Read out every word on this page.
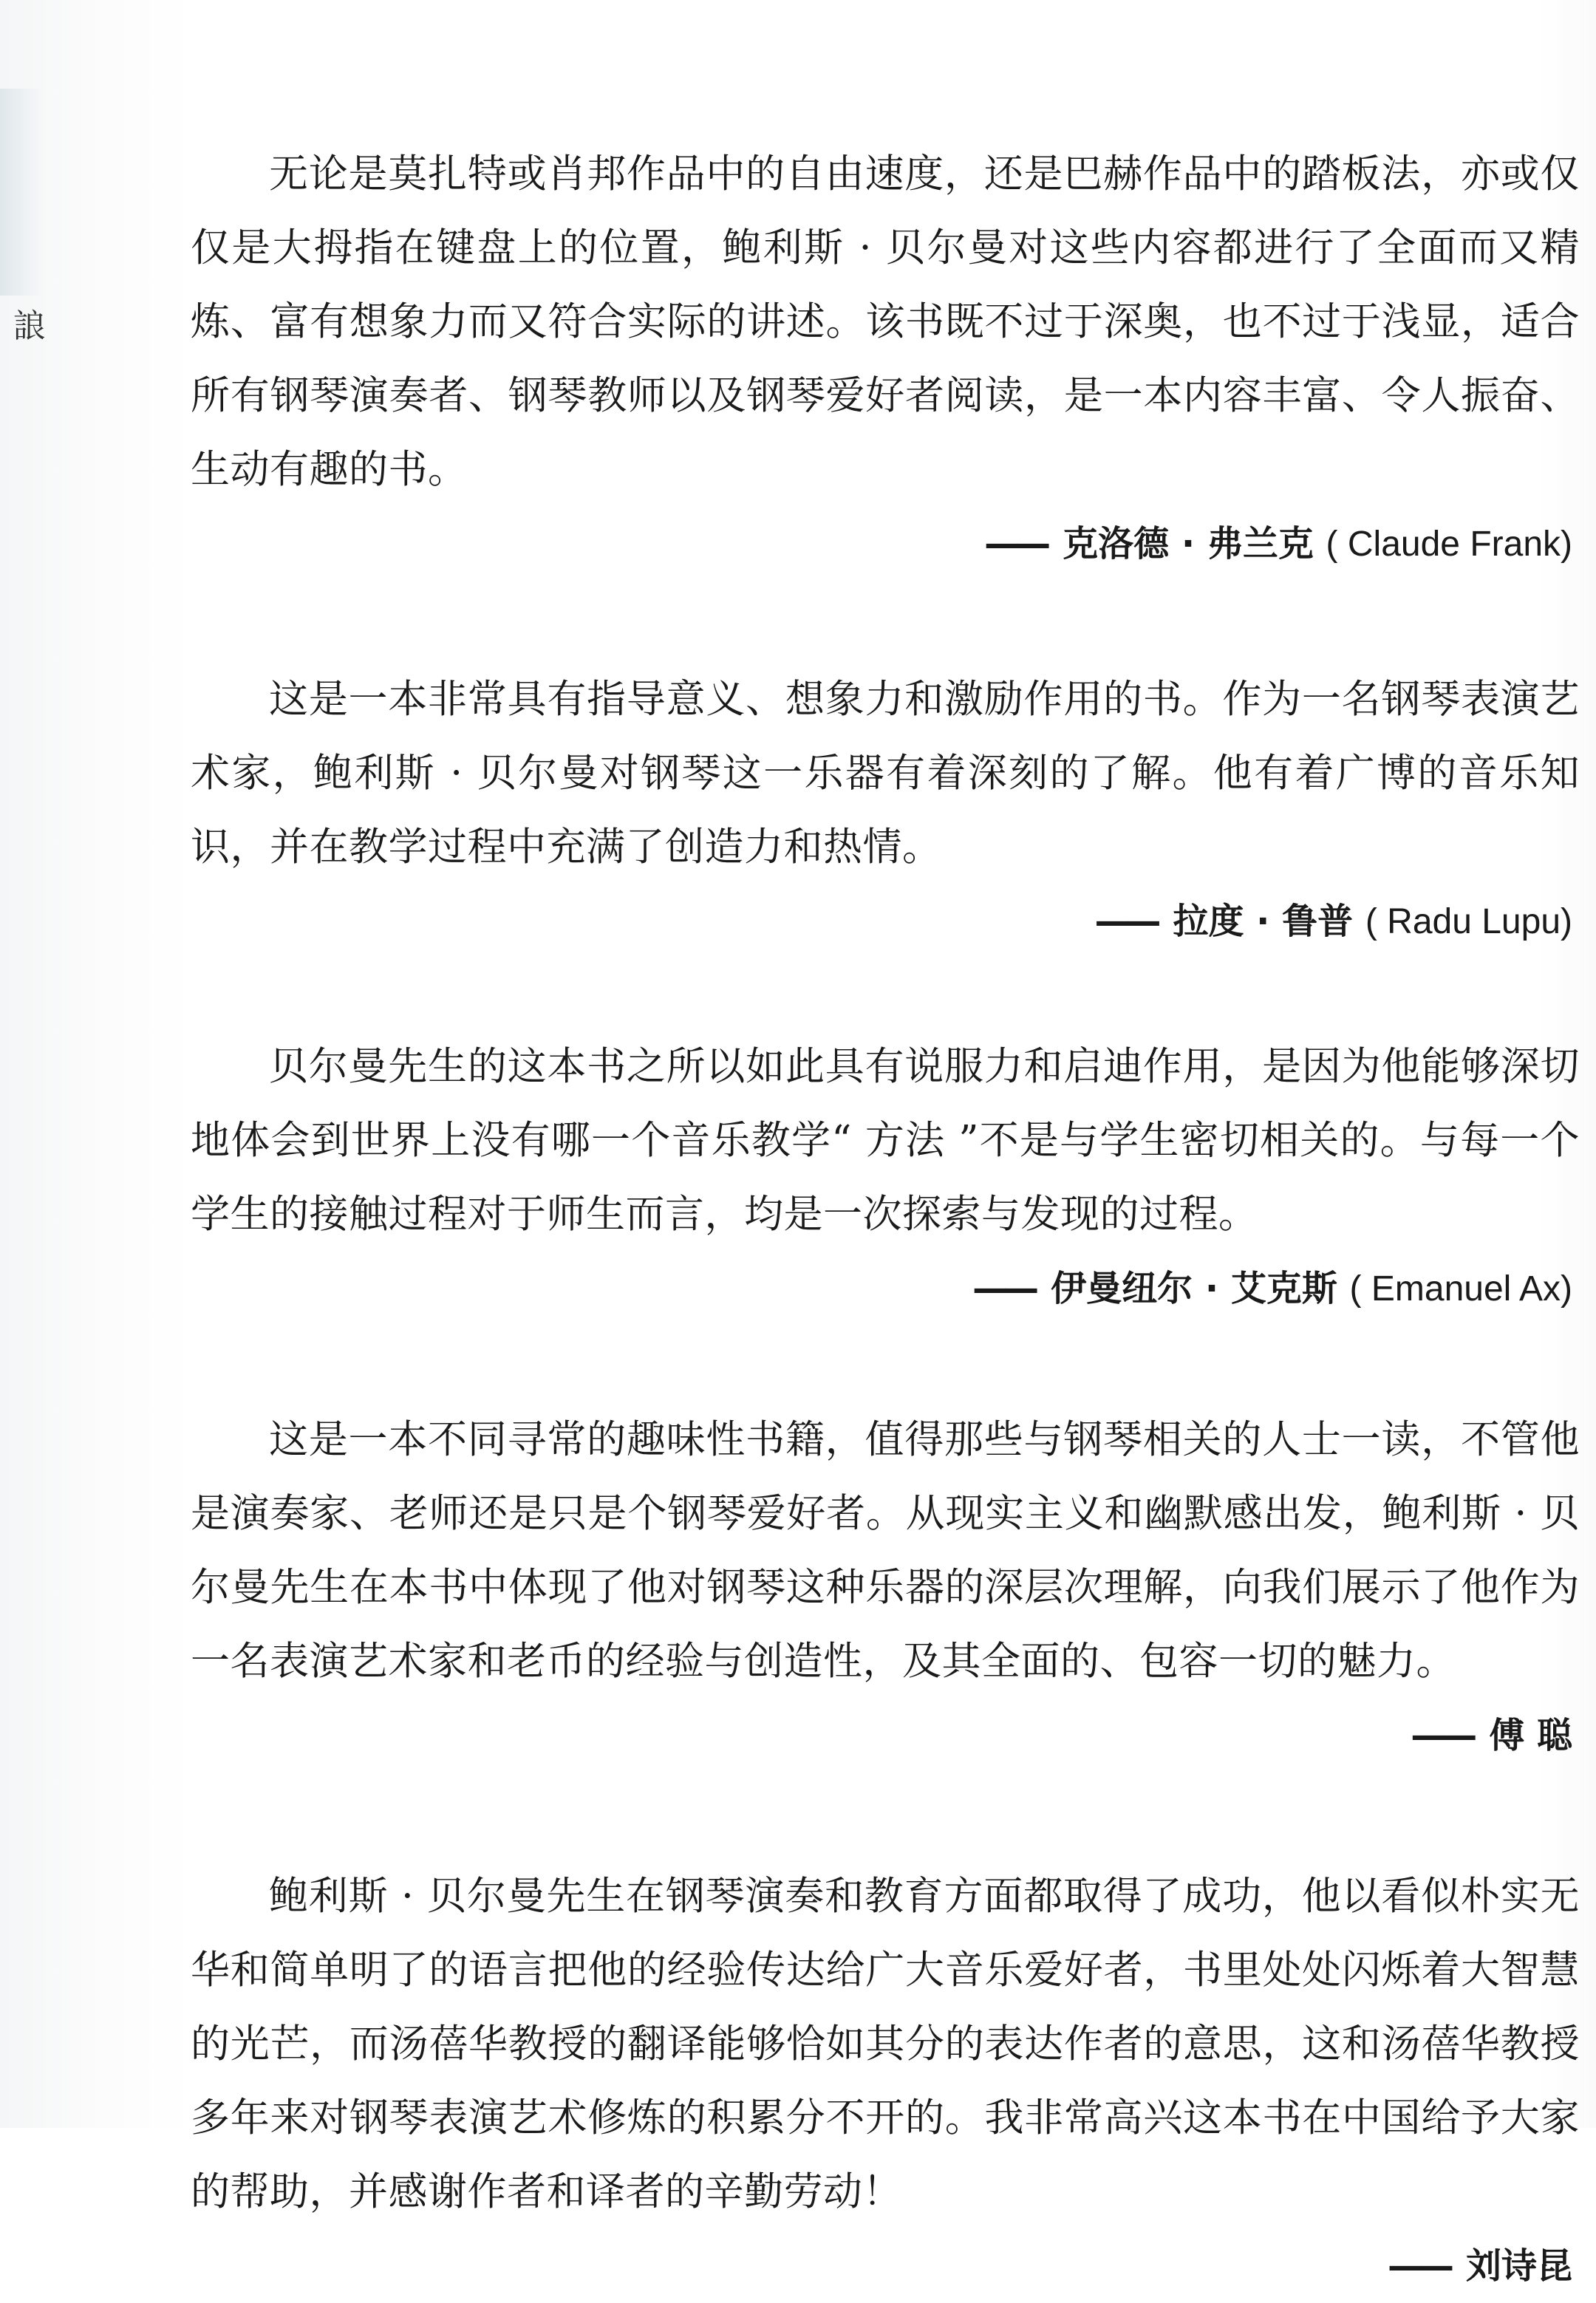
誏

无论是莫扎特或肖邦作品中的自由速度，还是巴赫作品中的踏板法，亦或仅仅是大拇指在键盘上的位置，鲍利斯 · 贝尔曼对这些内容都进行了全面而又精炼、富有想象力而又符合实际的讲述。该书既不过于深奥，也不过于浅显，适合所有钢琴演奏者、钢琴教师以及钢琴爱好者阅读，是一本内容丰富、令人振奋、生动有趣的书。

—— 克洛德 · 弗兰克 ( Claude Frank)

这是一本非常具有指导意义、想象力和激励作用的书。作为一名钢琴表演艺术家，鲍利斯 · 贝尔曼对钢琴这一乐器有着深刻的了解。他有着广博的音乐知识，并在教学过程中充满了创造力和热情。

—— 拉度 · 鲁普 ( Radu Lupu)

贝尔曼先生的这本书之所以如此具有说服力和启迪作用，是因为他能够深切地体会到世界上没有哪一个音乐教学“ 方法 ”不是与学生密切相关的。与每一个学生的接触过程对于师生而言，均是一次探索与发现的过程。

—— 伊曼纽尔 · 艾克斯 ( Emanuel Ax)

这是一本不同寻常的趣味性书籍，值得那些与钢琴相关的人士一读，不管他是演奏家、老师还是只是个钢琴爱好者。从现实主义和幽默感出发，鲍利斯 · 贝尔曼先生在本书中体现了他对钢琴这种乐器的深层次理解，向我们展示了他作为一名表演艺术家和老币的经验与创造性，及其全面的、包容一切的魅力。

—— 傅 聪

鲍利斯 · 贝尔曼先生在钢琴演奏和教育方面都取得了成功，他以看似朴实无华和简单明了的语言把他的经验传达给广大音乐爱好者，书里处处闪烁着大智慧的光芒，而汤蓓华教授的翻译能够恰如其分的表达作者的意思，这和汤蓓华教授多年来对钢琴表演艺术修炼的积累分不开的。我非常高兴这本书在中国给予大家的帮助，并感谢作者和译者的辛勤劳动！

—— 刘诗昆
